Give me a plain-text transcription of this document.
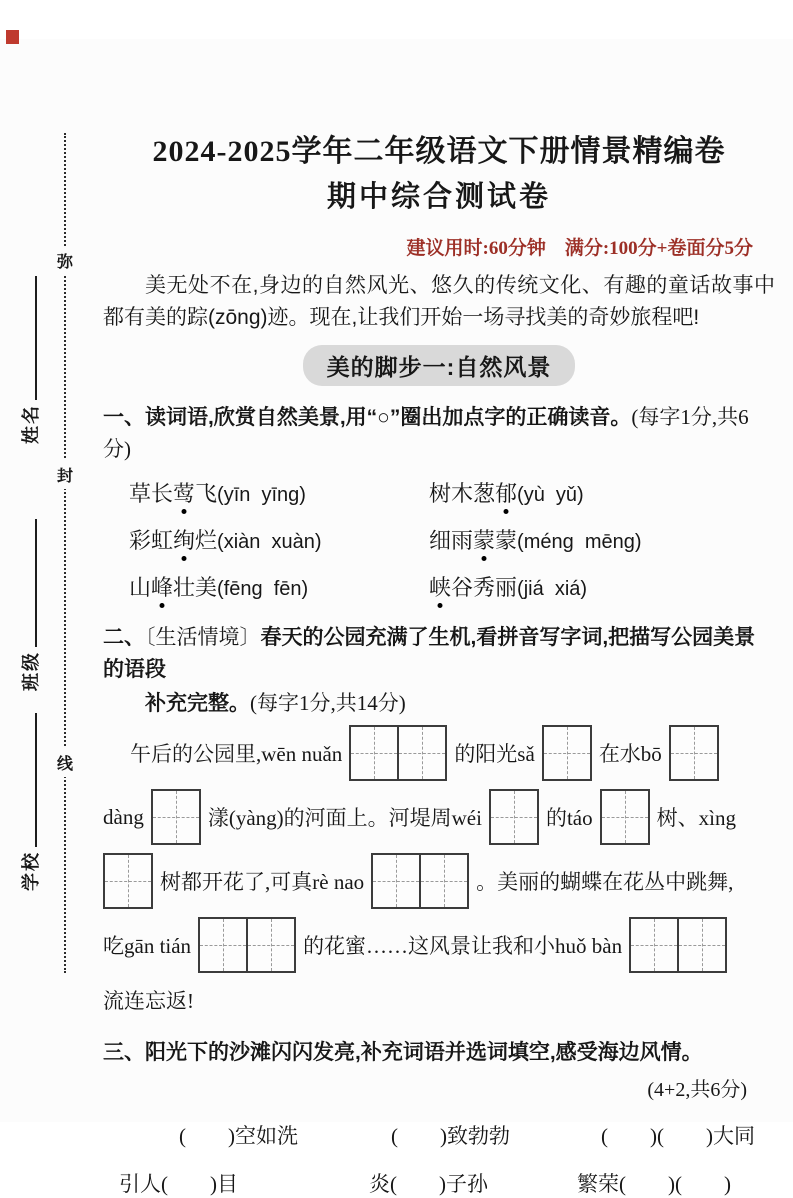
弥
封
线
姓名
班级
学校
2024-2025学年二年级语文下册情景精编卷
期中综合测试卷
建议用时:60分钟　满分:100分+卷面分5分
美无处不在,身边的自然风光、悠久的传统文化、有趣的童话故事中都有美的踪(zōng)迹。现在,让我们开始一场寻找美的奇妙旅程吧!
美的脚步一:自然风景
一、读词语,欣赏自然美景,用“○”圈出加点字的正确读音。(每字1分,共6分)
草长莺飞(yīn  yīng)	树木葱郁(yù  yǔ)
彩虹绚烂(xiàn  xuàn)	细雨蒙蒙(méng  mēng)
山峰壮美(fēng  fēn)	峡谷秀丽(jiá  xiá)
二、〔生活情境〕春天的公园充满了生机,看拼音写字词,把描写公园美景的语段
补充完整。(每字1分,共14分)
午后的公园里,wēn nuǎn	的阳光sǎ	在水bō
dàng	漾(yàng)的河面上。河堤周wéi	的táo	树、xìng
树都开花了,可真rè nao	。美丽的蝴蝶在花丛中跳舞,
吃gān tián	的花蜜……这风景让我和小huǒ bàn
流连忘返!
三、阳光下的沙滩闪闪发亮,补充词语并选词填空,感受海边风情。
(4+2,共6分)
(　　)空如洗	(　　)致勃勃	(　　)(　　)大同
引人(　　)目	炎(　　)子孙	繁荣(　　)(　　)
